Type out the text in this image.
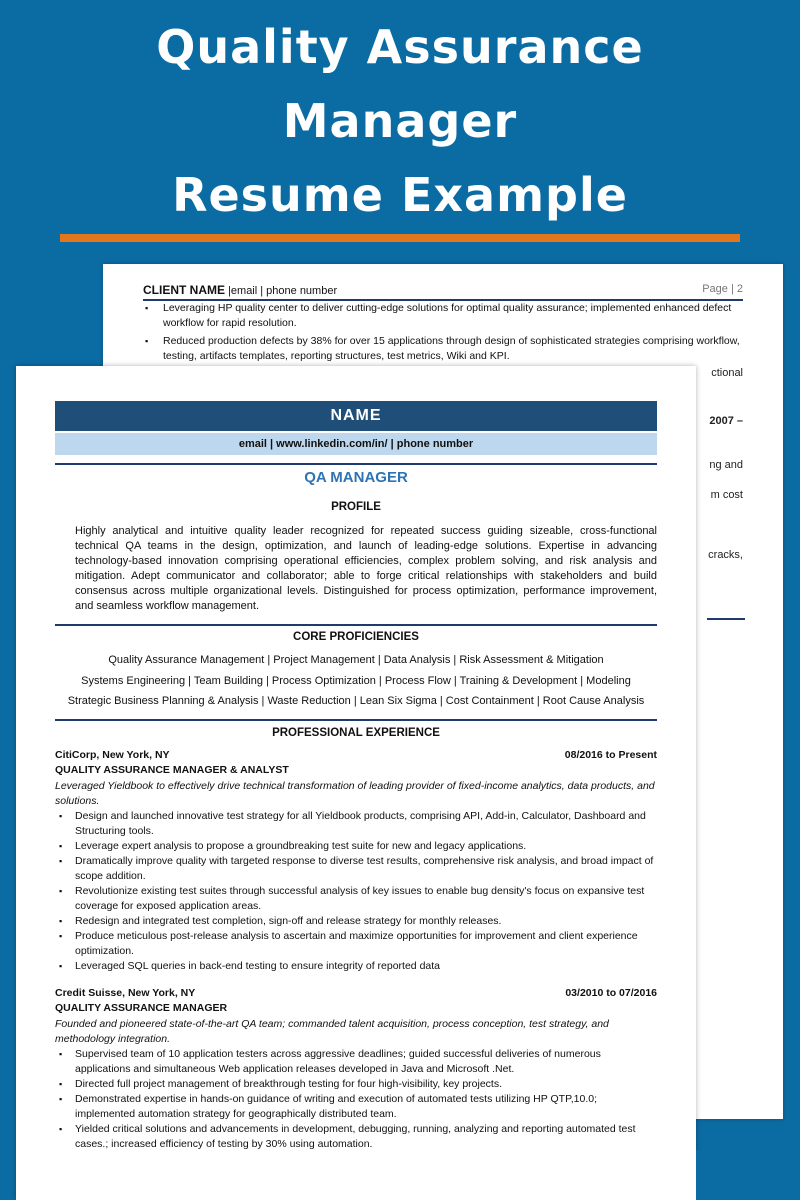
Quality Assurance
Manager
Resume Example
CLIENT NAME |email | phone number	Page | 2
▪ Leveraging HP quality center to deliver cutting-edge solutions for optimal quality assurance; implemented enhanced defect workflow for rapid resolution.
▪ Reduced production defects by 38% for over 15 applications through design of sophisticated strategies comprising workflow, testing, artifacts templates, reporting structures, test metrics, Wiki and KPI.
ctional
2007 –
ng and
m cost
cracks,
NAME
email | www.linkedin.com/in/ | phone number
QA MANAGER
PROFILE

Highly analytical and intuitive quality leader recognized for repeated success guiding sizeable, cross-functional technical QA teams in the design, optimization, and launch of leading-edge solutions. Expertise in advancing technology-based innovation comprising operational efficiencies, complex problem solving, and risk analysis and mitigation. Adept communicator and collaborator; able to forge critical relationships with stakeholders and build consensus across multiple organizational levels. Distinguished for process optimization, performance improvement, and seamless workflow management.

CORE PROFICIENCIES
Quality Assurance Management | Project Management | Data Analysis | Risk Assessment & Mitigation
Systems Engineering | Team Building | Process Optimization | Process Flow | Training & Development | Modeling
Strategic Business Planning & Analysis | Waste Reduction | Lean Six Sigma | Cost Containment | Root Cause Analysis
PROFESSIONAL EXPERIENCE
CitiCorp, New York, NY	08/2016 to Present
QUALITY ASSURANCE MANAGER & ANALYST
Leveraged Yieldbook to effectively drive technical transformation of leading provider of fixed-income analytics, data products, and solutions.
▪ Design and launched innovative test strategy for all Yieldbook products, comprising API, Add-in, Calculator, Dashboard and Structuring tools.
▪ Leverage expert analysis to propose a groundbreaking test suite for new and legacy applications.
▪ Dramatically improve quality with targeted response to diverse test results, comprehensive risk analysis, and broad impact of scope addition.
▪ Revolutionize existing test suites through successful analysis of key issues to enable bug density's focus on expansive test coverage for exposed application areas.
▪ Redesign and integrated test completion, sign-off and release strategy for monthly releases.
▪ Produce meticulous post-release analysis to ascertain and maximize opportunities for improvement and client experience optimization.
▪ Leveraged SQL queries in back-end testing to ensure integrity of reported data
Credit Suisse, New York, NY	03/2010 to 07/2016
QUALITY ASSURANCE MANAGER
Founded and pioneered state-of-the-art QA team; commanded talent acquisition, process conception, test strategy, and methodology integration.
▪ Supervised team of 10 application testers across aggressive deadlines; guided successful deliveries of numerous applications and simultaneous Web application releases developed in Java and Microsoft .Net.
▪ Directed full project management of breakthrough testing for four high-visibility, key projects.
▪ Demonstrated expertise in hands-on guidance of writing and execution of automated tests utilizing HP QTP,10.0; implemented automation strategy for geographically distributed team.
▪ Yielded critical solutions and advancements in development, debugging, running, analyzing and reporting automated test cases.; increased efficiency of testing by 30% using automation.
